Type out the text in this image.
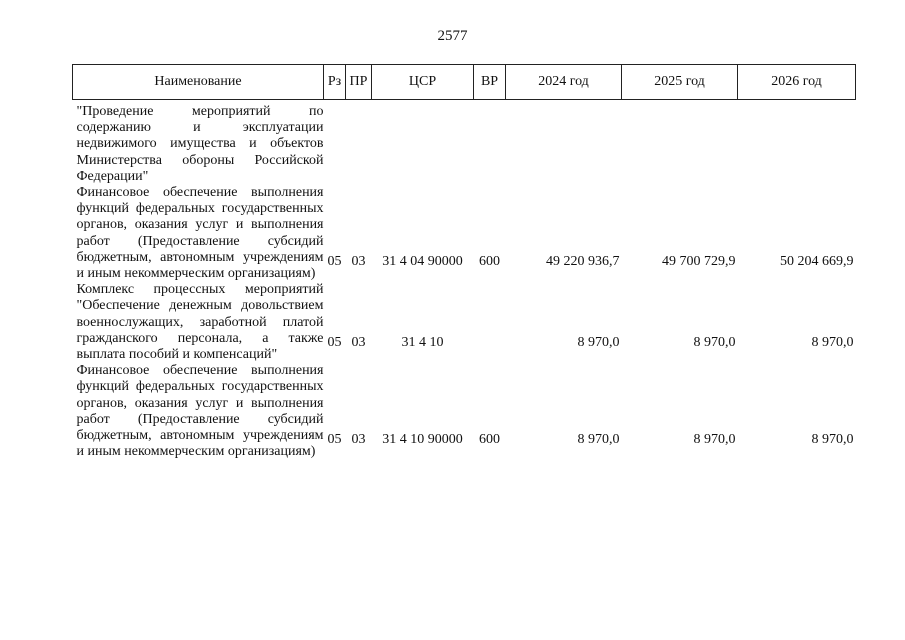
2577
Наименование	Рз	ПР	ЦСР	ВР	2024 год	2025 год	2026 год

"Проведение мероприятий по содержанию и эксплуатации недвижимого имущества и объектов Министерства обороны Российской Федерации"							

Финансовое обеспечение выполнения функций федеральных государственных органов, оказания услуг и выполнения работ (Предоставление субсидий бюджетным, автономным учреждениям и иным некоммерческим организациям)	05	03	31 4 04 90000	600	49 220 936,7	49 700 729,9	50 204 669,9

Комплекс процессных мероприятий "Обеспечение денежным довольствием военнослужащих, заработной платой гражданского персонала, а также выплата пособий и компенсаций"	05	03	31 4 10		8 970,0	8 970,0	8 970,0

Финансовое обеспечение выполнения функций федеральных государственных органов, оказания услуг и выполнения работ (Предоставление субсидий бюджетным, автономным учреждениям и иным некоммерческим организациям)	05	03	31 4 10 90000	600	8 970,0	8 970,0	8 970,0
